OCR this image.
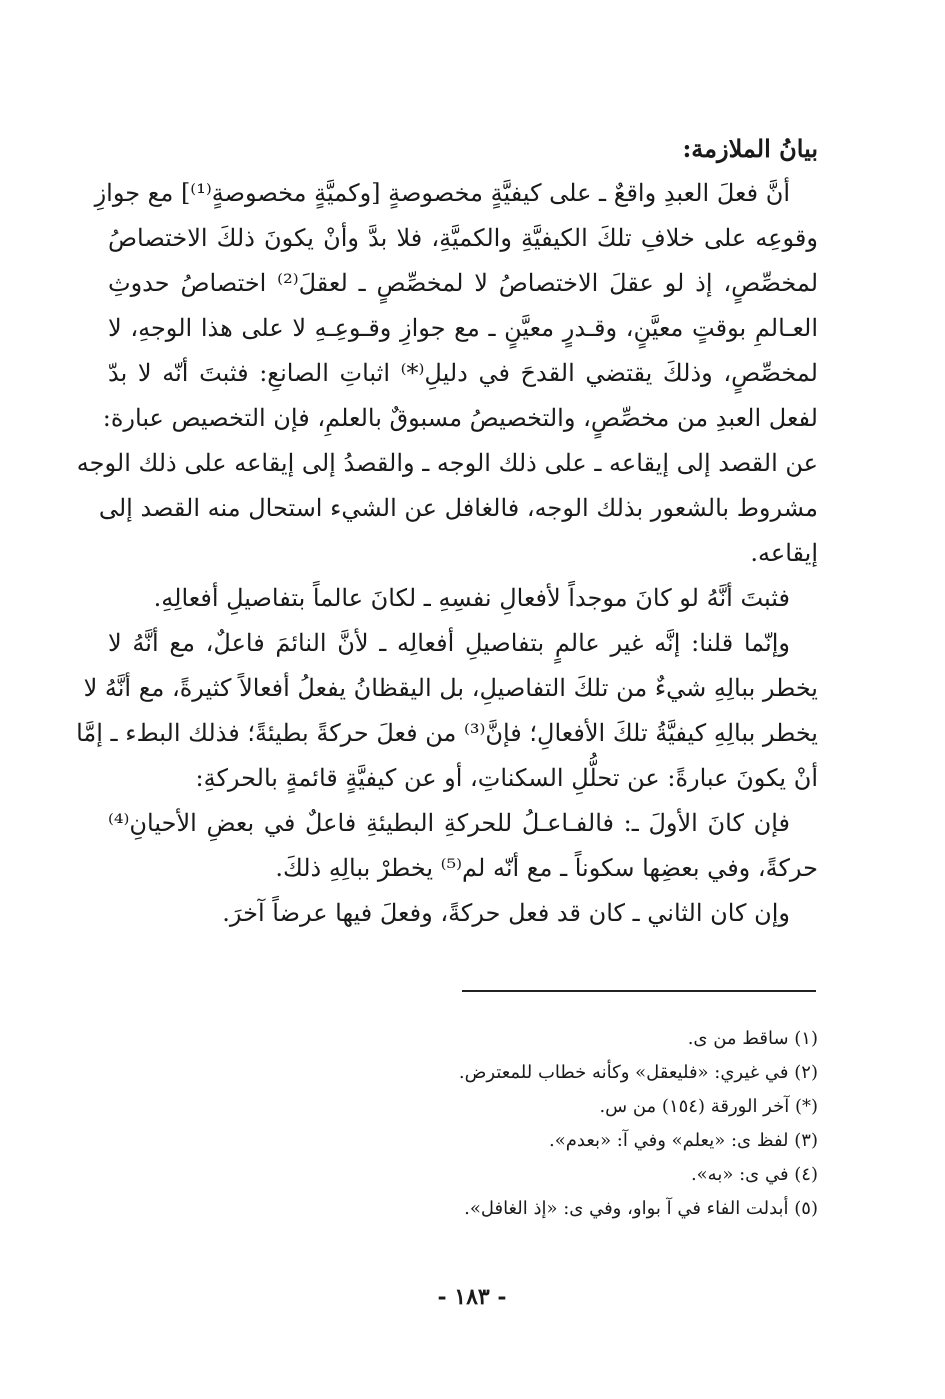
بيانُ الملازمة:
أنَّ فعلَ العبدِ واقعٌ ـ على كيفيَّةٍ مخصوصةٍ [وكميَّةٍ مخصوصةٍ⁽¹⁾] مع جوازِ
وقوعِه على خلافِ تلكَ الكيفيَّةِ والكميَّةِ، فلا بدَّ وأنْ يكونَ ذلكَ الاختصاصُ
لمخصِّصٍ، إذ لو عقلَ الاختصاصُ لا لمخصِّصٍ ـ لعقلَ⁽²⁾ اختصاصُ حدوثِ
العـالمِ بوقتٍ معيَّنٍ، وقـدرٍ معيَّنٍ ـ مع جوازِ وقـوعِـهِ لا على هذا الوجهِ، لا
لمخصِّصٍ، وذلكَ يقتضي القدحَ في دليلِ⁽*⁾ اثباتِ الصانعِ: فثبتَ أنّه لا بدّ
لفعل العبدِ من مخصِّصٍ، والتخصيصُ مسبوقٌ بالعلمِ، فإن التخصيص عبارة:
عن القصد إلى إيقاعه ـ على ذلك الوجه ـ والقصدُ إلى إيقاعه على ذلك الوجه
مشروط بالشعور بذلك الوجه، فالغافل عن الشيء استحال منه القصد إلى
إيقاعه.
فثبتَ أنَّهُ لو كانَ موجداً لأفعالِ نفسِهِ ـ لكانَ عالماً بتفاصيلِ أفعالِهِ.
وإنّما قلنا: إنَّه غير عالمٍ بتفاصيلِ أفعالِه ـ لأنَّ النائمَ فاعلٌ، مع أنَّهُ لا
يخطر ببالِهِ شيءٌ من تلكَ التفاصيلِ، بل اليقظانُ يفعلُ أفعالاً كثيرةً، مع أنَّهُ لا
يخطر ببالِهِ كيفيَّةُ تلكَ الأفعالِ؛ فإنَّ⁽³⁾ من فعلَ حركةً بطيئةً؛ فذلك البطء ـ إمَّا
أنْ يكونَ عبارةً: عن تحلُّلِ السكناتِ، أو عن كيفيَّةٍ قائمةٍ بالحركةِ:
فإن كانَ الأولَ ـ: فالفـاعـلُ للحركةِ البطيئةِ فاعلٌ في بعضِ الأحيانِ⁽⁴⁾
حركةً، وفي بعضِها سكوناً ـ مع أنّه لم⁽⁵⁾ يخطرْ ببالِهِ ذلكَ.
وإن كان الثاني ـ كان قد فعل حركةً، وفعلَ فيها عرضاً آخرَ.
(١) ساقط من ى.
(٢) في غيري: «فليعقل» وكأنه خطاب للمعترض.
(*) آخر الورقة (١٥٤) من س.
(٣) لفظ ى: «يعلم» وفي آ: «بعدم».
(٤) في ى: «به».
(٥) أبدلت الفاء في آ بواو، وفي ى: «إذ الغافل».
- ١٨٣ -
